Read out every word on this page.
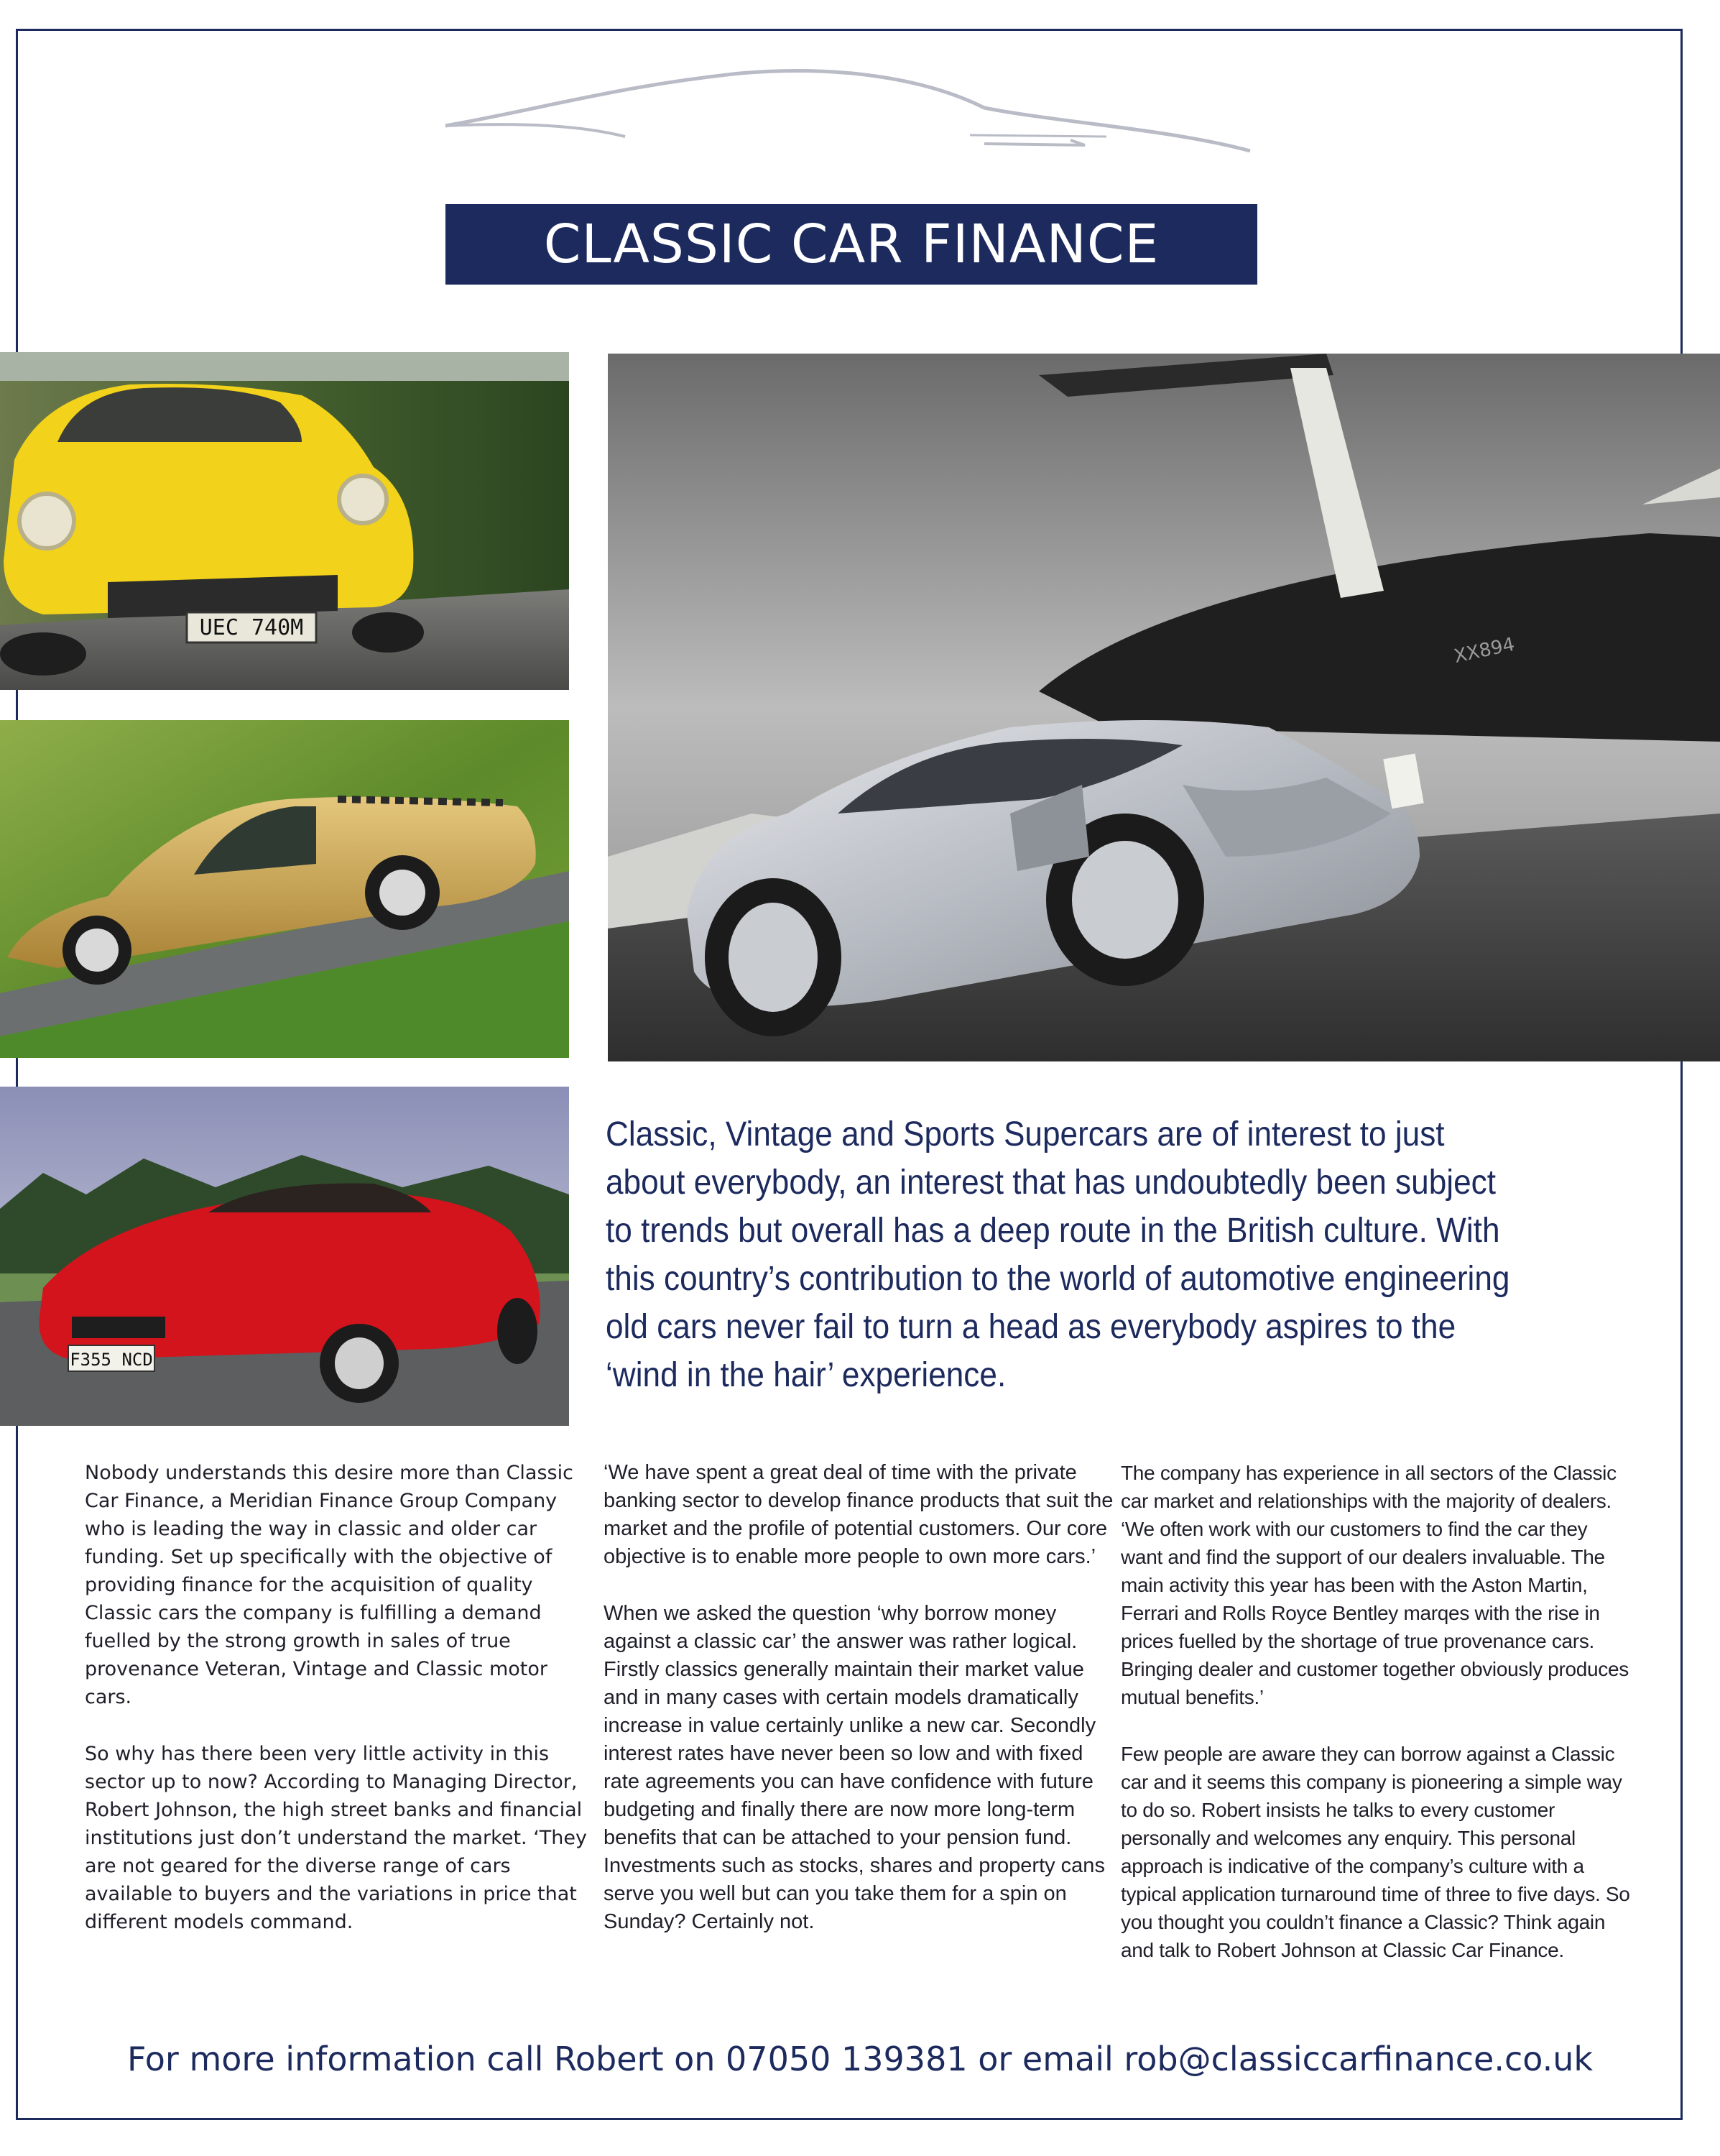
CLASSIC CAR FINANCE
UEC 740M
F355 NCD
XX894
Classic, Vintage and Sports Supercars are of interest to just about everybody, an interest that has undoubtedly been subject to trends but overall has a deep route in the British culture. With this country’s contribution to the world of automotive engineering old cars never fail to turn a head as everybody aspires to the ‘wind in the hair’ experience.

Nobody understands this desire more than Classic Car Finance, a Meridian Finance Group Company who is leading the way in classic and older car funding. Set up specifically with the objective of providing finance for the acquisition of quality Classic cars the company is fulfilling a demand fuelled by the strong growth in sales of true provenance Veteran, Vintage and Classic motor cars.

So why has there been very little activity in this sector up to now? According to Managing Director, Robert Johnson, the high street banks and financial institutions just don’t understand the market. ‘They are not geared for the diverse range of cars available to buyers and the variations in price that different models command.

‘We have spent a great deal of time with the private banking sector to develop finance products that suit the market and the profile of potential customers. Our core objective is to enable more people to own more cars.’

When we asked the question ‘why borrow money against a classic car’ the answer was rather logical. Firstly classics generally maintain their market value and in many cases with certain models dramatically increase in value certainly unlike a new car. Secondly interest rates have never been so low and with fixed rate agreements you can have confidence with future budgeting and finally there are now more long-term benefits that can be attached to your pension fund. Investments such as stocks, shares and property cans serve you well but can you take them for a spin on Sunday? Certainly not.

The company has experience in all sectors of the Classic car market and relationships with the majority of dealers. ‘We often work with our customers to find the car they want and find the support of our dealers invaluable. The main activity this year has been with the Aston Martin, Ferrari and Rolls Royce Bentley marqes with the rise in prices fuelled by the shortage of true provenance cars. Bringing dealer and customer together obviously produces mutual benefits.’

Few people are aware they can borrow against a Classic car and it seems this company is pioneering a simple way to do so. Robert insists he talks to every customer personally and welcomes any enquiry. This personal approach is indicative of the company’s culture with a typical application turnaround time of three to five days. So you thought you couldn’t finance a Classic? Think again and talk to Robert Johnson at Classic Car Finance.

For more information call Robert on 07050 139381 or email rob@classiccarfinance.co.uk
